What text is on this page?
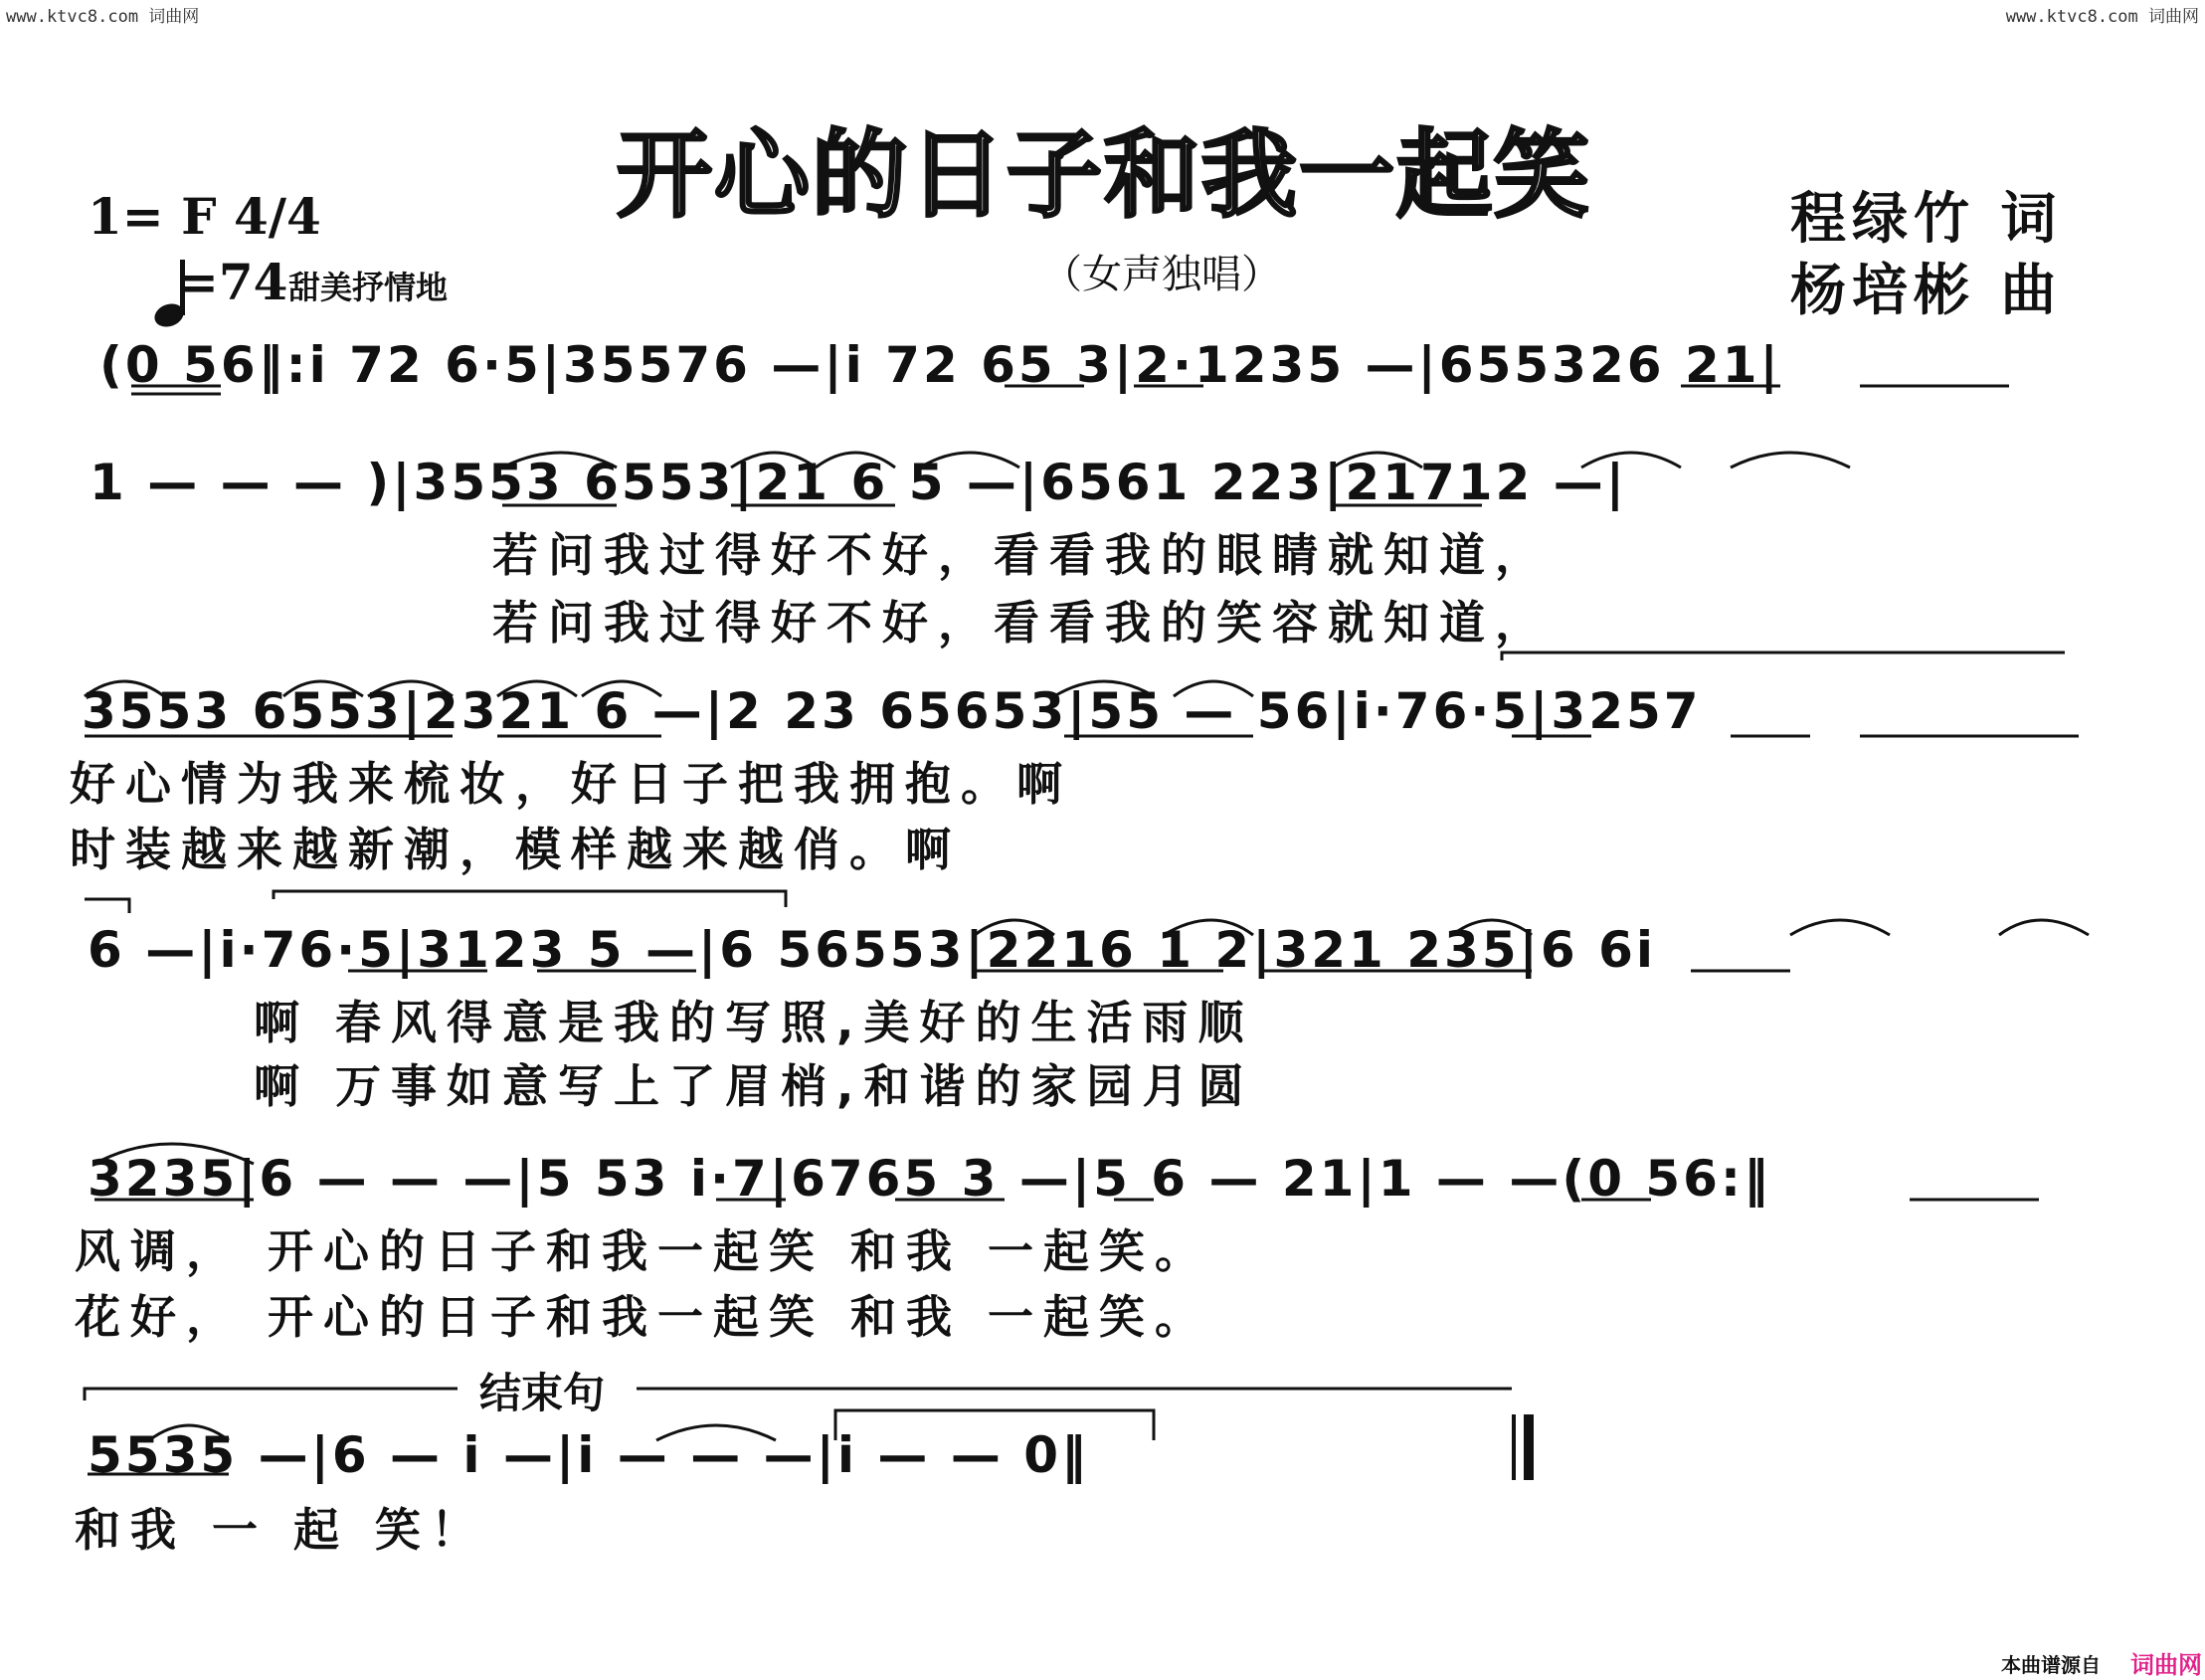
www.ktvc8.com 词曲网	www.ktvc8.com 词曲网
开心的日子和我一起笑
1= F 4/4

=74 甜美抒情地	（女声独唱）
程绿竹 词
杨培彬 曲
(0 56‖:i 72 6·5|35576 —|i 72 65 3|2·1235 —|655326 21|
1 — — — )|3553 6553|21 6 5 —|6561 223|21712 —|
若问我过得好不好，看看我的眼睛就知道，
若问我过得好不好，看看我的笑容就知道，
3553 6553|2321 6 —|2 23 65653|55 — 56|i·76·5|3257
好心情为我来梳妆，好日子把我拥抱。啊
时装越来越新潮，模样越来越俏。啊
6 —|i·76·5|3123 5 —|6 56553|2216 1 2|321 235|6 6i
啊 春风得意是我的写照,美好的生活雨顺
啊 万事如意写上了眉梢,和谐的家园月圆
3235|6 — — —|5 53 i·7|6765 3 —|5 6 — 21|1 — —(0 56:‖
风调， 开心的日子和我一起笑 和我 一起笑。
花好， 开心的日子和我一起笑 和我 一起笑。
结束句
5535 —|6 — i —|i — — —|i — — 0‖
和我 一 起 笑！
本曲谱源自 词曲网
